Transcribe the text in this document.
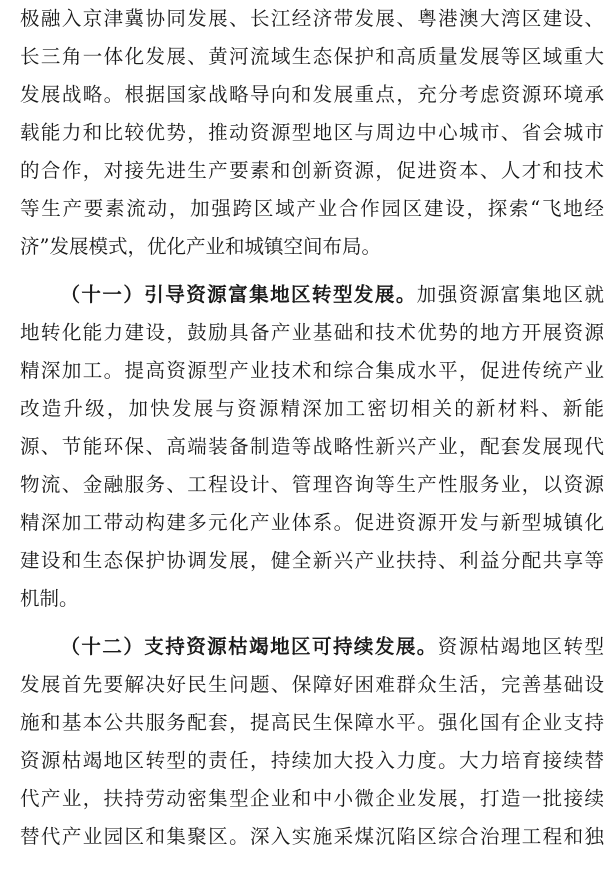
极融入京津冀协同发展、长江经济带发展、粤港澳大湾区建设、
长三角一体化发展、黄河流域生态保护和高质量发展等区域重大
发展战略。根据国家战略导向和发展重点，充分考虑资源环境承
载能力和比较优势，推动资源型地区与周边中心城市、省会城市
的合作，对接先进生产要素和创新资源，促进资本、人才和技术
等生产要素流动，加强跨区域产业合作园区建设，探索“飞地经
济”发展模式，优化产业和城镇空间布局。
（十一）引导资源富集地区转型发展。加强资源富集地区就
地转化能力建设，鼓励具备产业基础和技术优势的地方开展资源
精深加工。提高资源型产业技术和综合集成水平，促进传统产业
改造升级，加快发展与资源精深加工密切相关的新材料、新能
源、节能环保、高端装备制造等战略性新兴产业，配套发展现代
物流、金融服务、工程设计、管理咨询等生产性服务业，以资源
精深加工带动构建多元化产业体系。促进资源开发与新型城镇化
建设和生态保护协调发展，健全新兴产业扶持、利益分配共享等
机制。
（十二）支持资源枯竭地区可持续发展。资源枯竭地区转型
发展首先要解决好民生问题、保障好困难群众生活，完善基础设
施和基本公共服务配套，提高民生保障水平。强化国有企业支持
资源枯竭地区转型的责任，持续加大投入力度。大力培育接续替
代产业，扶持劳动密集型企业和中小微企业发展，打造一批接续
替代产业园区和集聚区。深入实施采煤沉陷区综合治理工程和独
